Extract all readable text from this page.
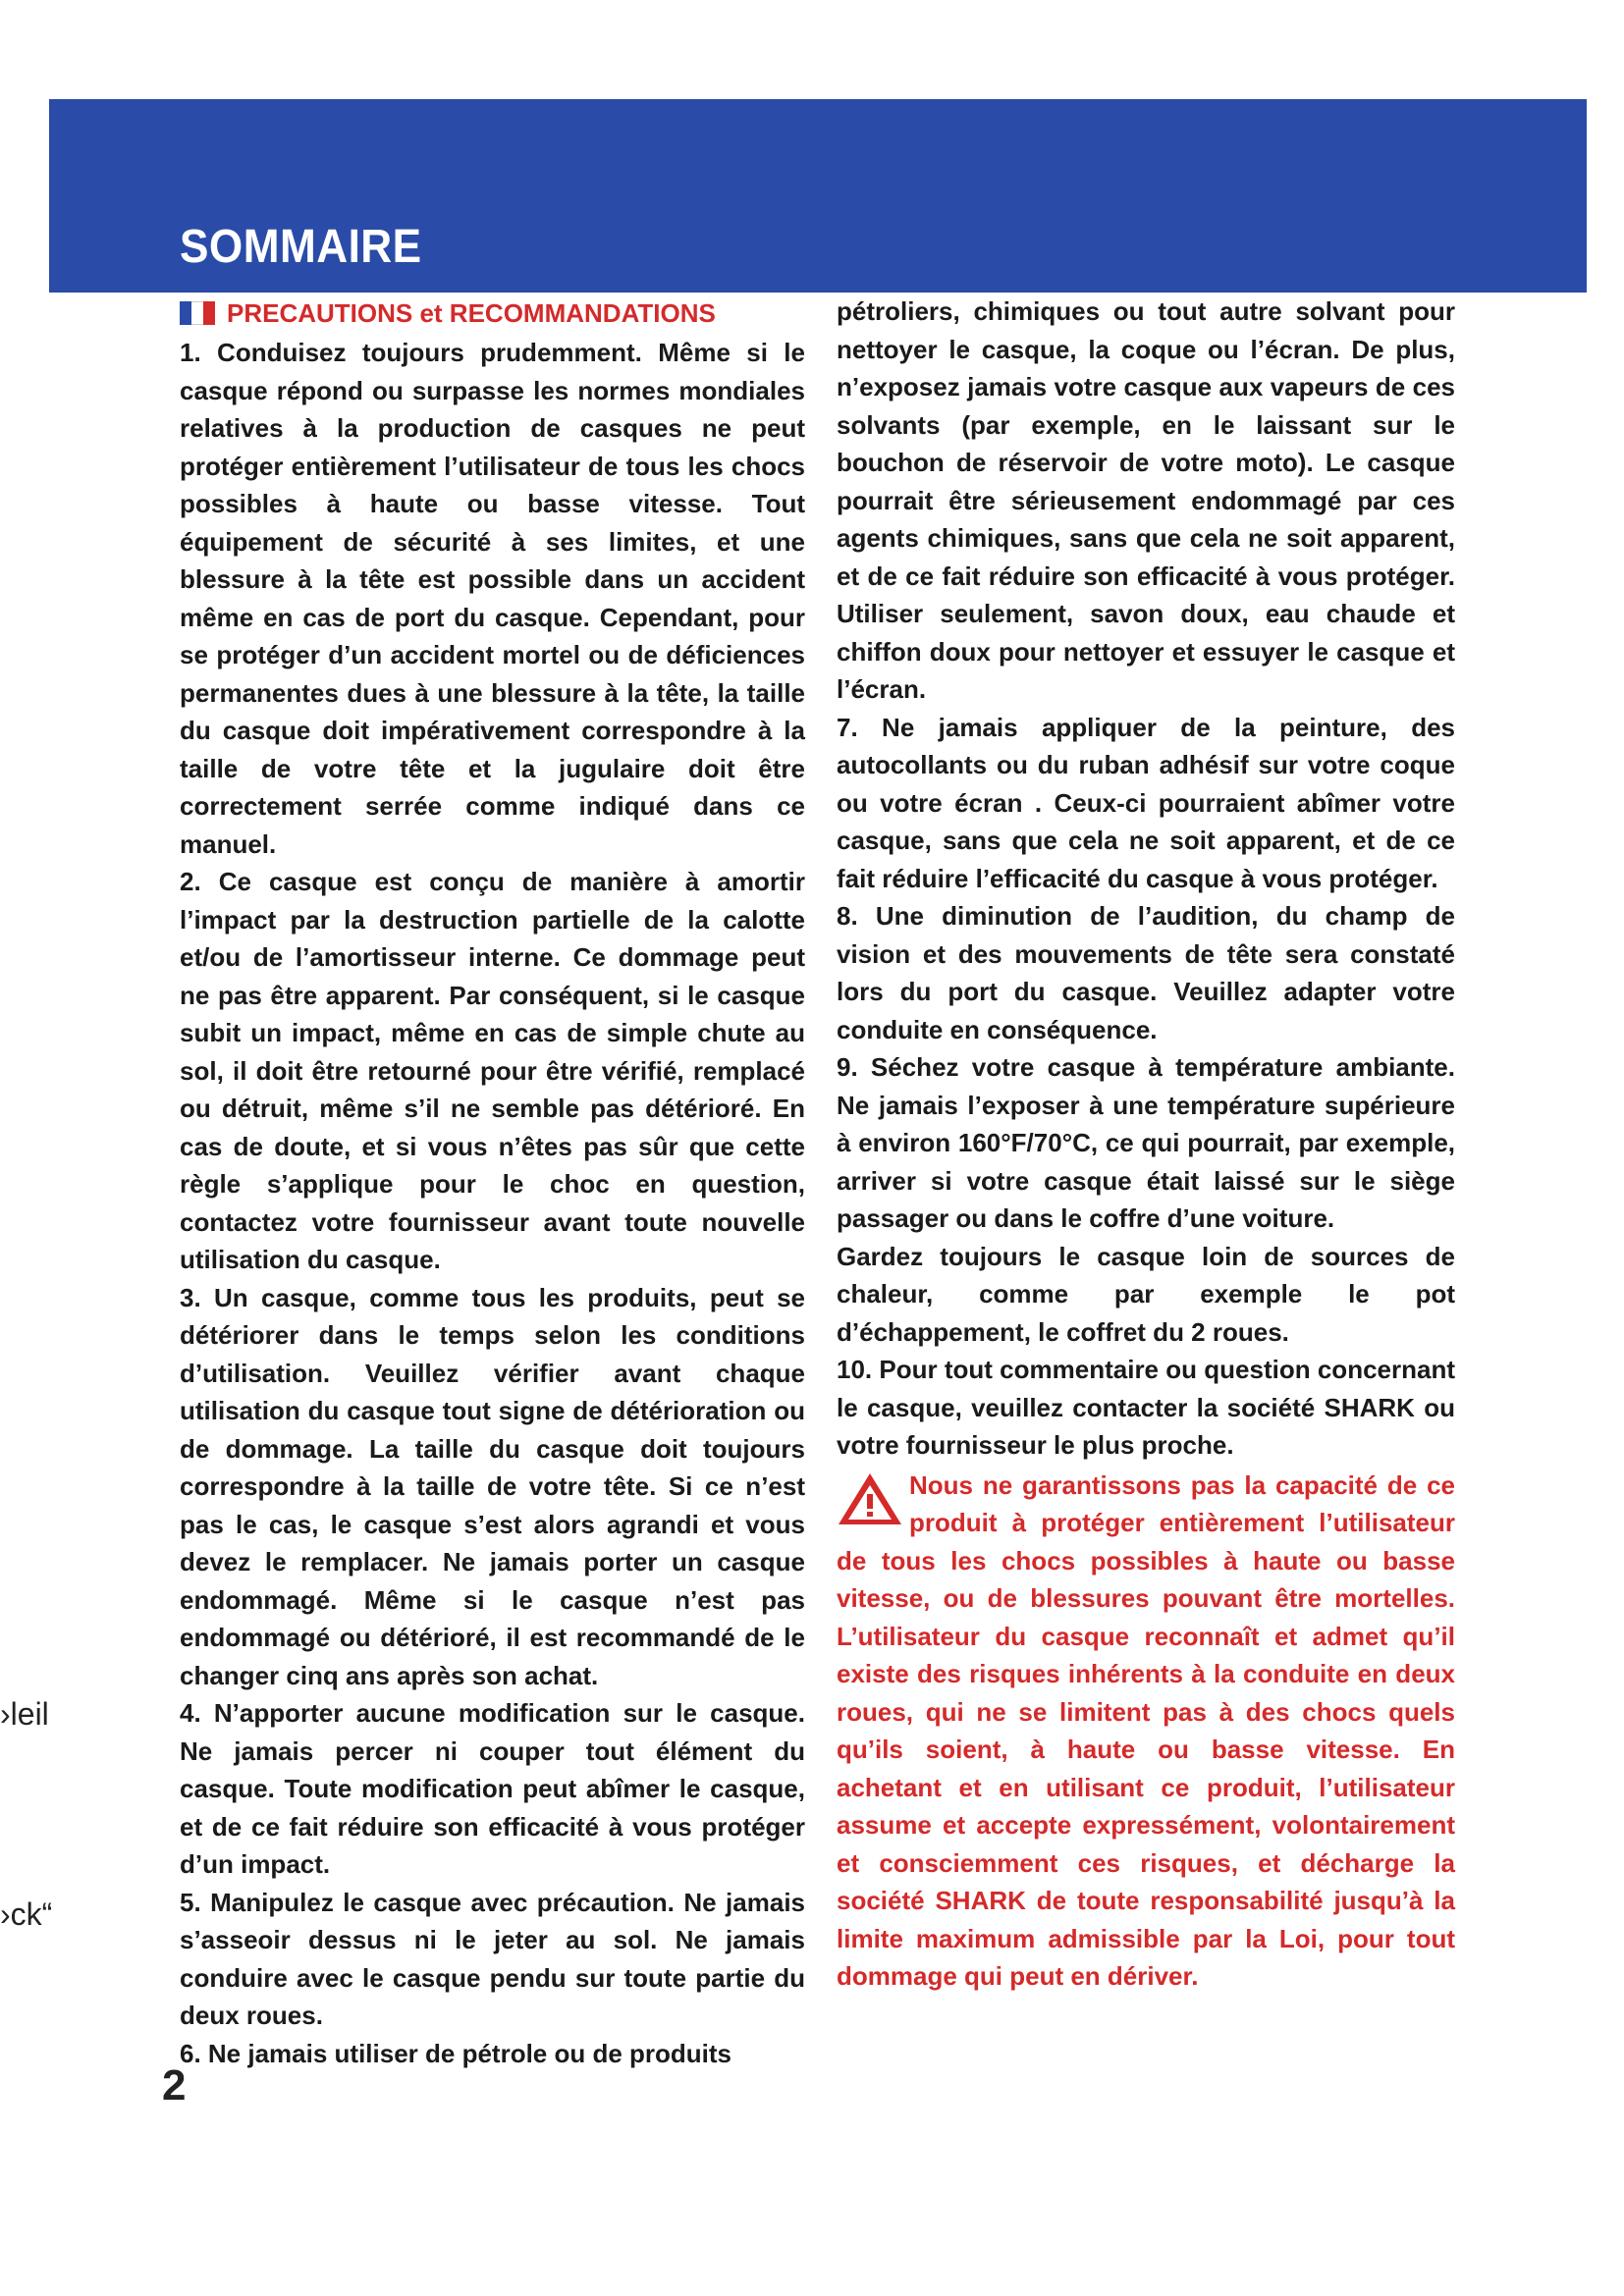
SOMMAIRE
PRECAUTIONS et RECOMMANDATIONS

1. Conduisez toujours prudemment. Même si le casque répond ou surpasse les normes mondiales relatives à la production de casques ne peut protéger entièrement l’utilisateur de tous les chocs possibles à haute ou basse vitesse. Tout équipement de sécurité à ses limites, et une blessure à la tête est possible dans un accident même en cas de port du casque. Cependant, pour se protéger d’un accident mortel ou de déficiences permanentes dues à une blessure à la tête, la taille du casque doit impérativement correspondre à la taille de votre tête et la jugulaire doit être correctement serrée comme indiqué dans ce manuel.

2. Ce casque est conçu de manière à amortir l’impact par la destruction partielle de la calotte et/ou de l’amortisseur interne. Ce dommage peut ne pas être apparent. Par conséquent, si le casque subit un impact, même en cas de simple chute au sol, il doit être retourné pour être vérifié, remplacé ou détruit, même s’il ne semble pas détérioré. En cas de doute, et si vous n’êtes pas sûr que cette règle s’applique pour le choc en question, contactez votre fournisseur avant toute nouvelle utilisation du casque.

3. Un casque, comme tous les produits, peut se détériorer dans le temps selon les conditions d’utilisation. Veuillez vérifier avant chaque utilisation du casque tout signe de détérioration ou de dommage. La taille du casque doit toujours correspondre à la taille de votre tête. Si ce n’est pas le cas, le casque s’est alors agrandi et vous devez le remplacer. Ne jamais porter un casque endommagé. Même si le casque n’est pas endommagé ou détérioré, il est recommandé de le changer cinq ans après son achat.

4. N’apporter aucune modification sur le casque. Ne jamais percer ni couper tout élément du casque. Toute modification peut abîmer le casque, et de ce fait réduire son efficacité à vous protéger d’un impact.

5. Manipulez le casque avec précaution. Ne jamais s’asseoir dessus ni le jeter au sol. Ne jamais conduire avec le casque pendu sur toute partie du deux roues.

6. Ne jamais utiliser de pétrole ou de produits

pétroliers, chimiques ou tout autre solvant pour nettoyer le casque, la coque ou l’écran. De plus, n’exposez jamais votre casque aux vapeurs de ces solvants (par exemple, en le laissant sur le bouchon de réservoir de votre moto). Le casque pourrait être sérieusement endommagé par ces agents chimiques, sans que cela ne soit apparent, et de ce fait réduire son efficacité à vous protéger. Utiliser seulement, savon doux, eau chaude et chiffon doux pour nettoyer et essuyer le casque et l’écran.

7. Ne jamais appliquer de la peinture, des autocollants ou du ruban adhésif sur votre coque ou votre écran . Ceux-ci pourraient abîmer votre casque, sans que cela ne soit apparent, et de ce fait réduire l’efficacité du casque à vous protéger.

8. Une diminution de l’audition, du champ de vision et des mouvements de tête sera constaté lors du port du casque. Veuillez adapter votre conduite en conséquence.

9. Séchez votre casque à température ambiante. Ne jamais l’exposer à une température supérieure à environ 160°F/70°C, ce qui pourrait, par exemple, arriver si votre casque était laissé sur le siège passager ou dans le coffre d’une voiture.

Gardez toujours le casque loin de sources de chaleur, comme par exemple le pot d’échappement, le coffret du 2 roues.

10. Pour tout commentaire ou question concernant le casque, veuillez contacter la société SHARK ou votre fournisseur le plus proche.

Nous ne garantissons pas la capacité de ce produit à protéger entièrement l’utilisateur de tous les chocs possibles à haute ou basse vitesse, ou de blessures pouvant être mortelles. L’utilisateur du casque reconnaît et admet qu’il existe des risques inhérents à la conduite en deux roues, qui ne se limitent pas à des chocs quels qu’ils soient, à haute ou basse vitesse. En achetant et en utilisant ce produit, l’utilisateur assume et accepte expressément, volontairement et consciemment ces risques, et décharge la société SHARK de toute responsabilité jusqu’à la limite maximum admissible par la Loi, pour tout dommage qui peut en dériver.
›leil
›ck“
2
